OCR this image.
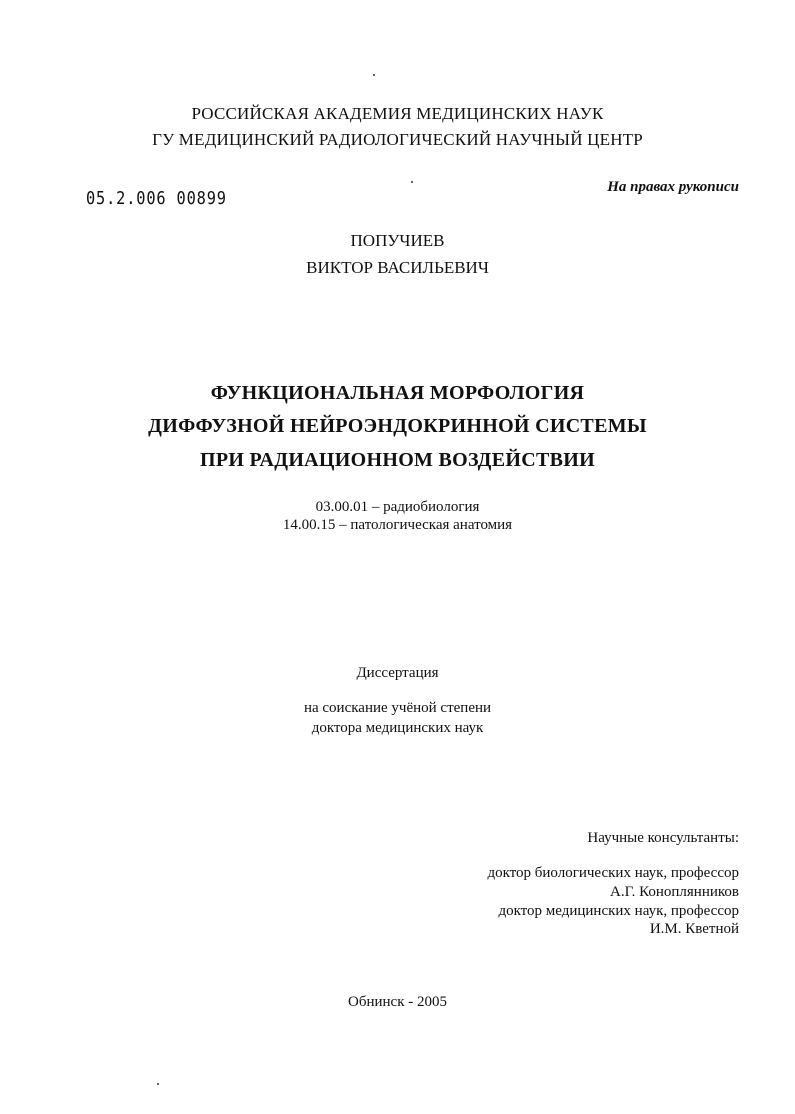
РОССИЙСКАЯ АКАДЕМИЯ МЕДИЦИНСКИХ НАУК
ГУ МЕДИЦИНСКИЙ РАДИОЛОГИЧЕСКИЙ НАУЧНЫЙ ЦЕНТР
05.2.006 00899
На правах рукописи
ПОПУЧИЕВ
ВИКТОР ВАСИЛЬЕВИЧ
ФУНКЦИОНАЛЬНАЯ МОРФОЛОГИЯ
ДИФФУЗНОЙ НЕЙРОЭНДОКРИННОЙ СИСТЕМЫ
ПРИ РАДИАЦИОННОМ ВОЗДЕЙСТВИИ
03.00.01 – радиобиология
14.00.15 – патологическая анатомия
Диссертация
на соискание учёной степени
доктора медицинских наук
Научные консультанты:
доктор биологических наук, профессор
А.Г. Коноплянников
доктор медицинских наук, профессор
И.М. Кветной
Обнинск - 2005
